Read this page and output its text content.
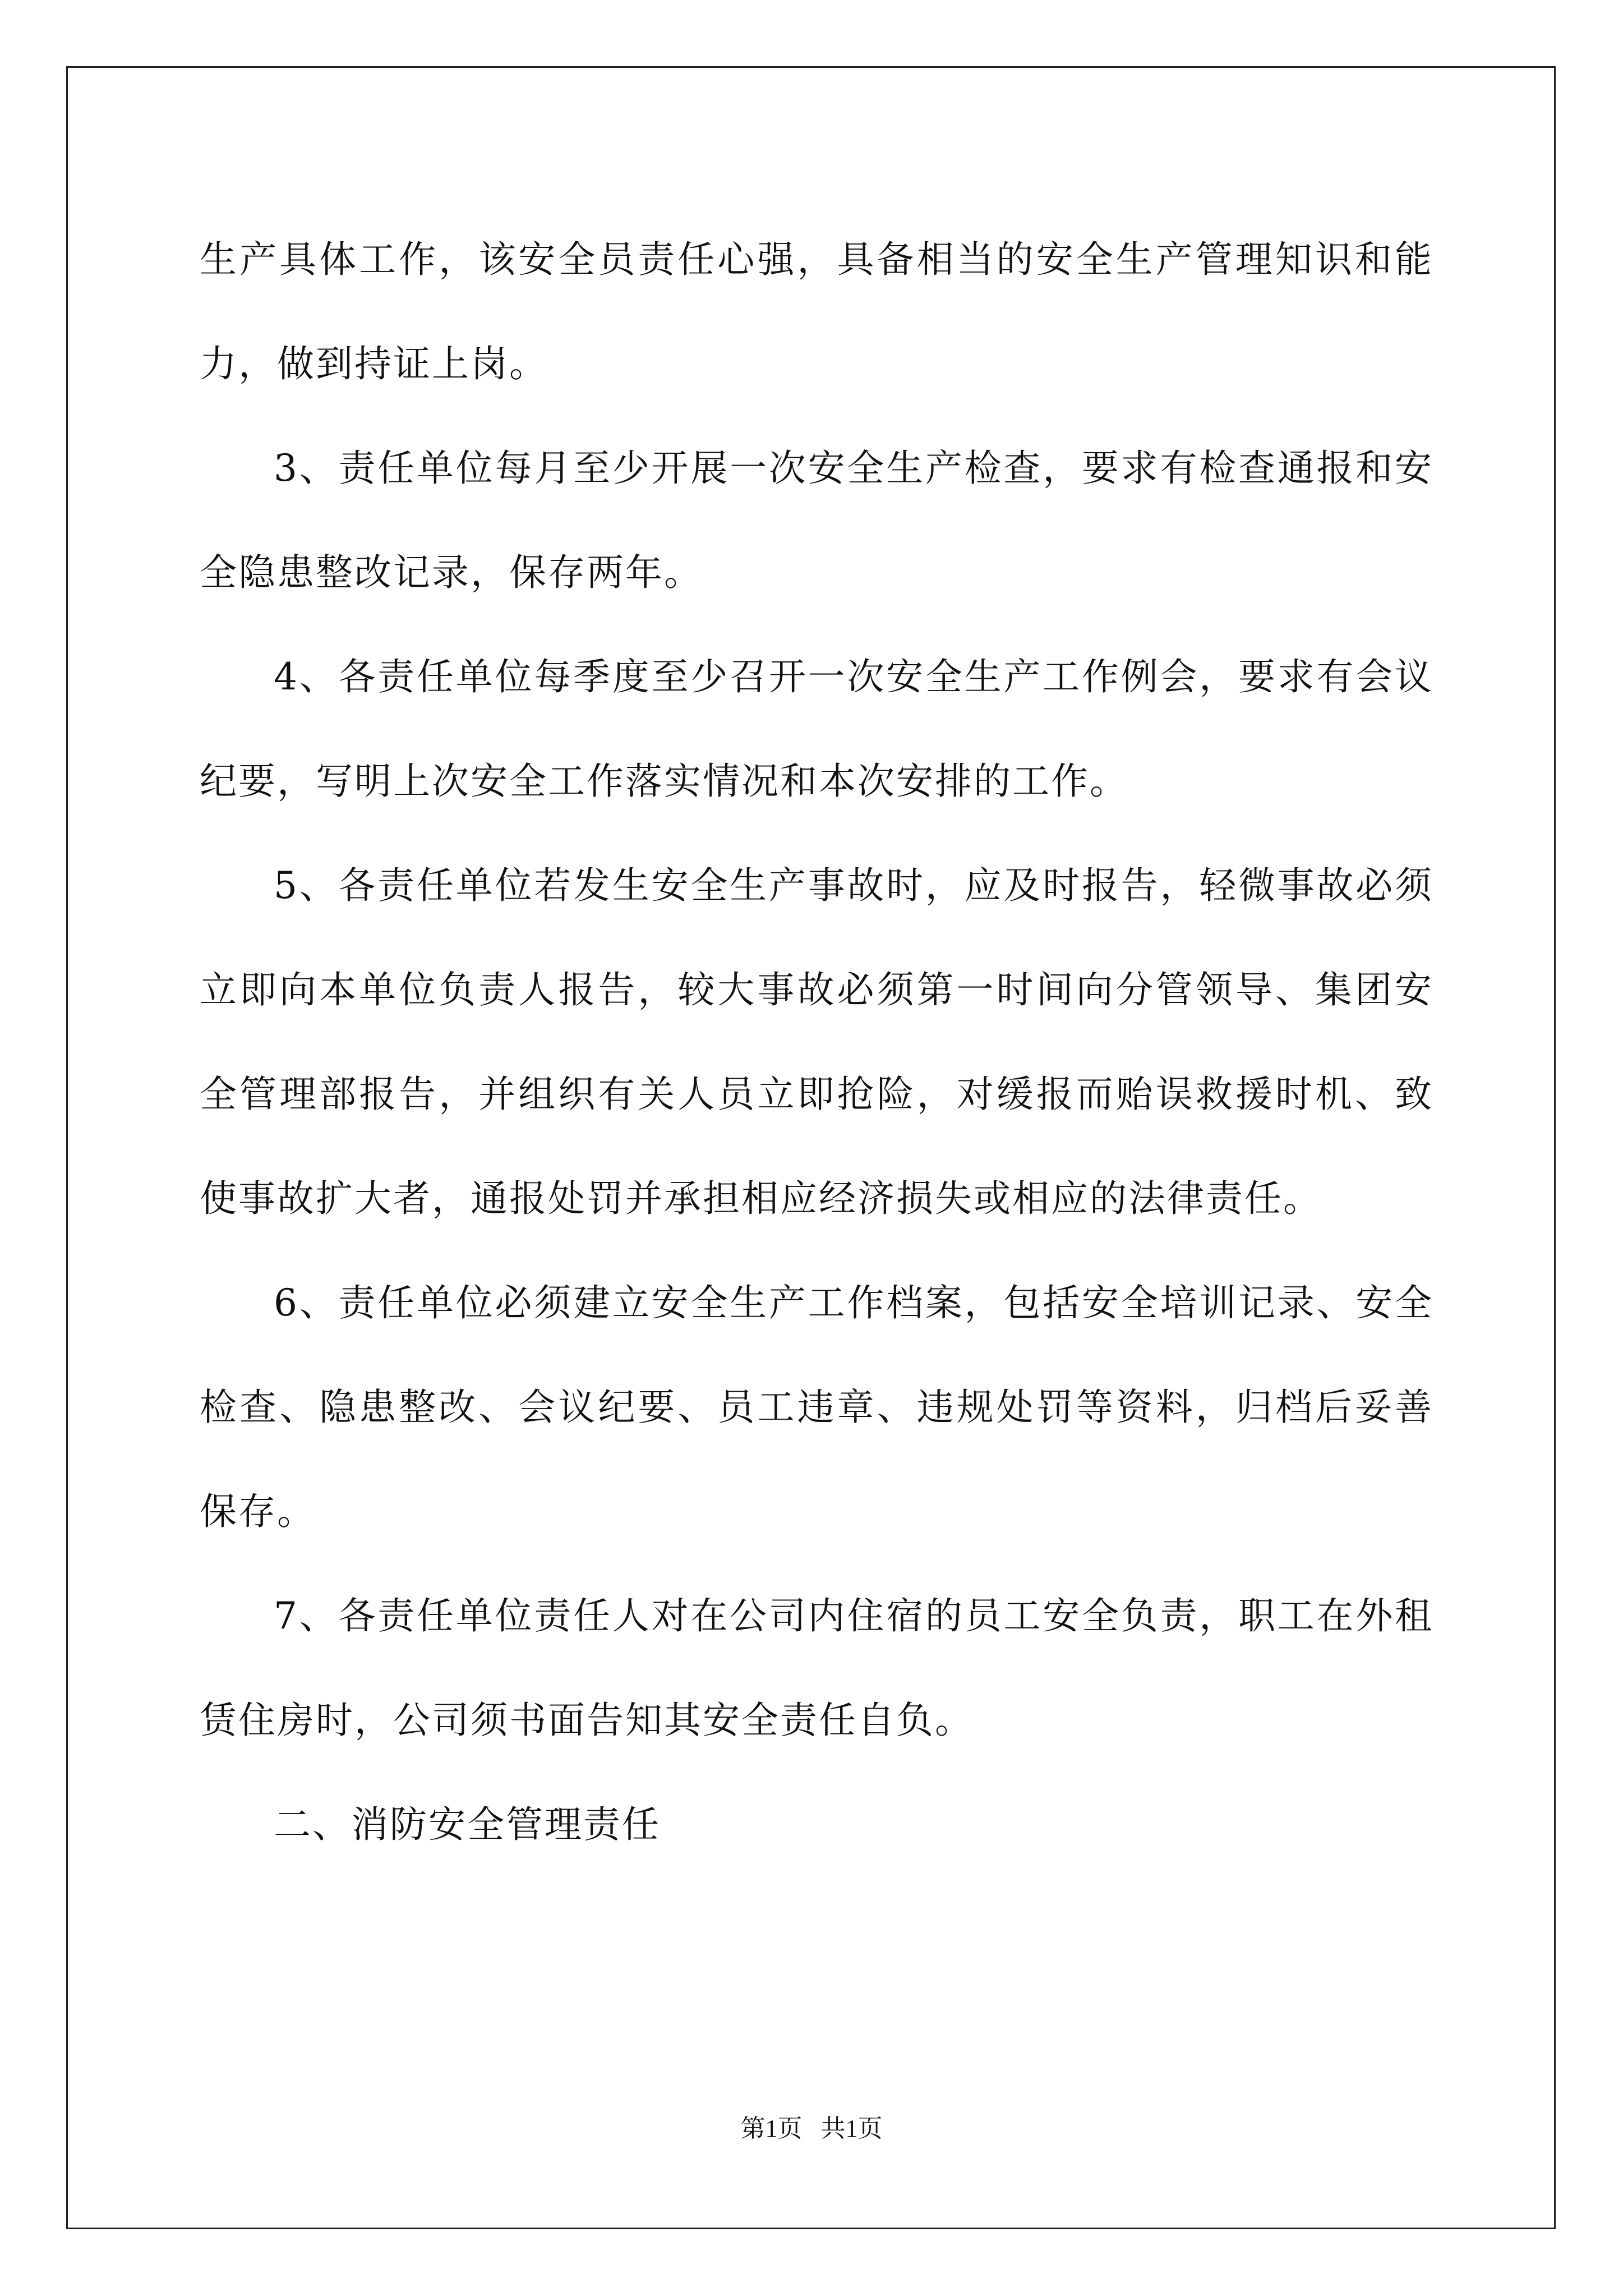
生产具体工作，该安全员责任心强，具备相当的安全生产管理知识和能力，做到持证上岗。

3、责任单位每月至少开展一次安全生产检查，要求有检查通报和安全隐患整改记录，保存两年。

4、各责任单位每季度至少召开一次安全生产工作例会，要求有会议纪要，写明上次安全工作落实情况和本次安排的工作。

5、各责任单位若发生安全生产事故时，应及时报告，轻微事故必须立即向本单位负责人报告，较大事故必须第一时间向分管领导、集团安全管理部报告，并组织有关人员立即抢险，对缓报而贻误救援时机、致使事故扩大者，通报处罚并承担相应经济损失或相应的法律责任。

6、责任单位必须建立安全生产工作档案，包括安全培训记录、安全检查、隐患整改、会议纪要、员工违章、违规处罚等资料，归档后妥善保存。

7、各责任单位责任人对在公司内住宿的员工安全负责，职工在外租赁住房时，公司须书面告知其安全责任自负。

二、消防安全管理责任

第1页   共1页
